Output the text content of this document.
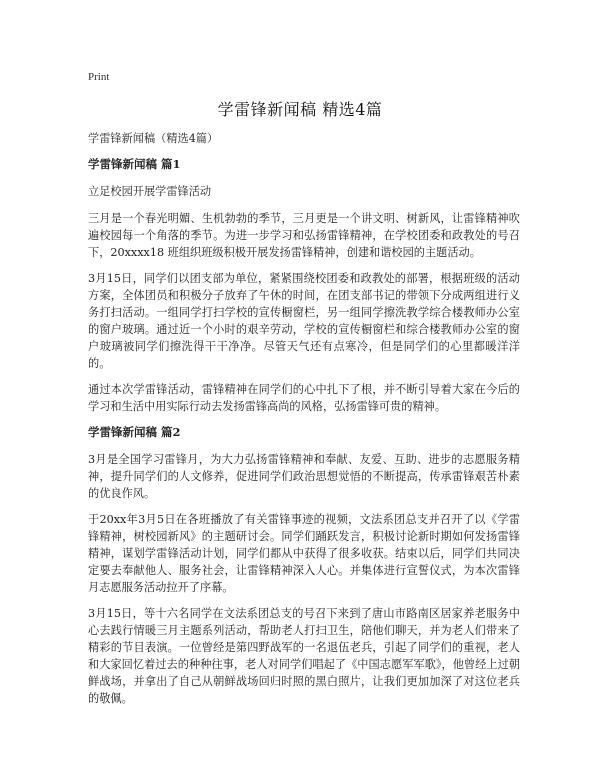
Print
学雷锋新闻稿 精选4篇

学雷锋新闻稿（精选4篇）

学雷锋新闻稿 篇1

立足校园开展学雷锋活动

三月是一个春光明媚、生机勃勃的季节，三月更是一个讲文明、树新风，让雷锋精神吹遍校园每一个角落的季节。为进一步学习和弘扬雷锋精神，在学校团委和政教处的号召下，20xxxx18 班组织班级积极开展发扬雷锋精神，创建和谐校园的主题活动。

3月15日，同学们以团支部为单位，紧紧围绕校团委和政教处的部署，根据班级的活动方案，全体团员和积极分子放弃了午休的时间，在团支部书记的带领下分成两组进行义务打扫活动。一组同学打扫学校的宣传橱窗栏，另一组同学擦洗教学综合楼教师办公室的窗户玻璃。通过近一个小时的艰辛劳动，学校的宣传橱窗栏和综合楼教师办公室的窗户玻璃被同学们擦洗得干干净净。尽管天气还有点寒冷，但是同学们的心里都暖洋洋的。

通过本次学雷锋活动，雷锋精神在同学们的心中扎下了根，并不断引导着大家在今后的学习和生活中用实际行动去发扬雷锋高尚的风格，弘扬雷锋可贵的精神。

学雷锋新闻稿 篇2

3月是全国学习雷锋月，为大力弘扬雷锋精神和奉献、友爱、互助、进步的志愿服务精神，提升同学们的人文修养，促进同学们政治思想觉悟的不断提高，传承雷锋艰苦朴素的优良作风。

于20xx年3月5日在各班播放了有关雷锋事迹的视频，文法系团总支并召开了以《学雷锋精神，树校园新风》的主题研讨会。同学们踊跃发言，积极讨论新时期如何发扬雷锋精神，谋划学雷锋活动计划，同学们都从中获得了很多收获。结束以后，同学们共同决定要去奉献他人、服务社会，让雷锋精神深入人心。并集体进行宣誓仪式，为本次雷锋月志愿服务活动拉开了序幕。

3月15日，等十六名同学在文法系团总支的号召下来到了唐山市路南区居家养老服务中心去践行情暖三月主题系列活动，帮助老人打扫卫生，陪他们聊天，并为老人们带来了精彩的节目表演。一位曾经是第四野战军的一名退伍老兵，引起了同学们的重视，老人和大家回忆着过去的种种往事，老人对同学们唱起了《中国志愿军军歌》，他曾经上过朝鲜战场，并拿出了自己从朝鲜战场回归时照的黑白照片，让我们更加加深了对这位老兵的敬佩。
